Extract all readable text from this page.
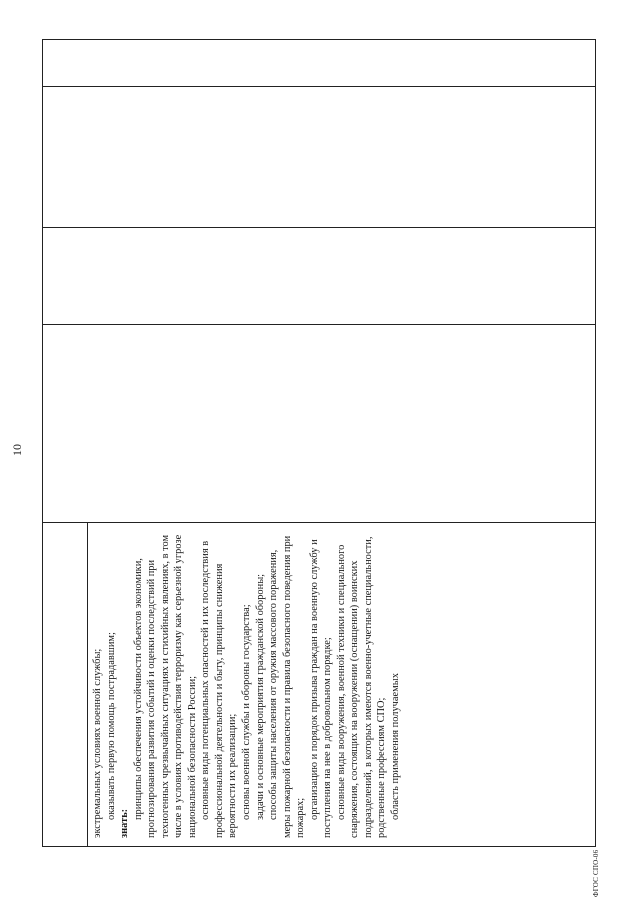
10

экстремальных условиях военной службы; оказывать первую помощь пострадавшим;

знать:

принципы обеспечения устойчивости объектов экономики, прогнозирования развития событий и оценки последствий при техногенных чрезвычайных ситуациях и стихийных явлениях, в том числе в условиях противодействия терроризму как серьезной угрозе национальной безопасности России; основные виды потенциальных опасностей и их последствия в профессиональной деятельности и быту, принципы снижения вероятности их реализации; основы военной службы и обороны государства; задачи и основные мероприятия гражданской обороны; способы защиты населения от оружия массового поражения, меры пожарной безопасности и правила безопасного поведения при пожарах; организацию и порядок призыва граждан на военную службу и поступления на нее в добровольном порядке; основные виды вооружения, военной техники и специального снаряжения, состоящих на вооружении (оснащении) воинских подразделений, в которых имеются военно-учетные специальности, родственные профессиям СПО; область применения получаемых

ФГОС СПО-06
